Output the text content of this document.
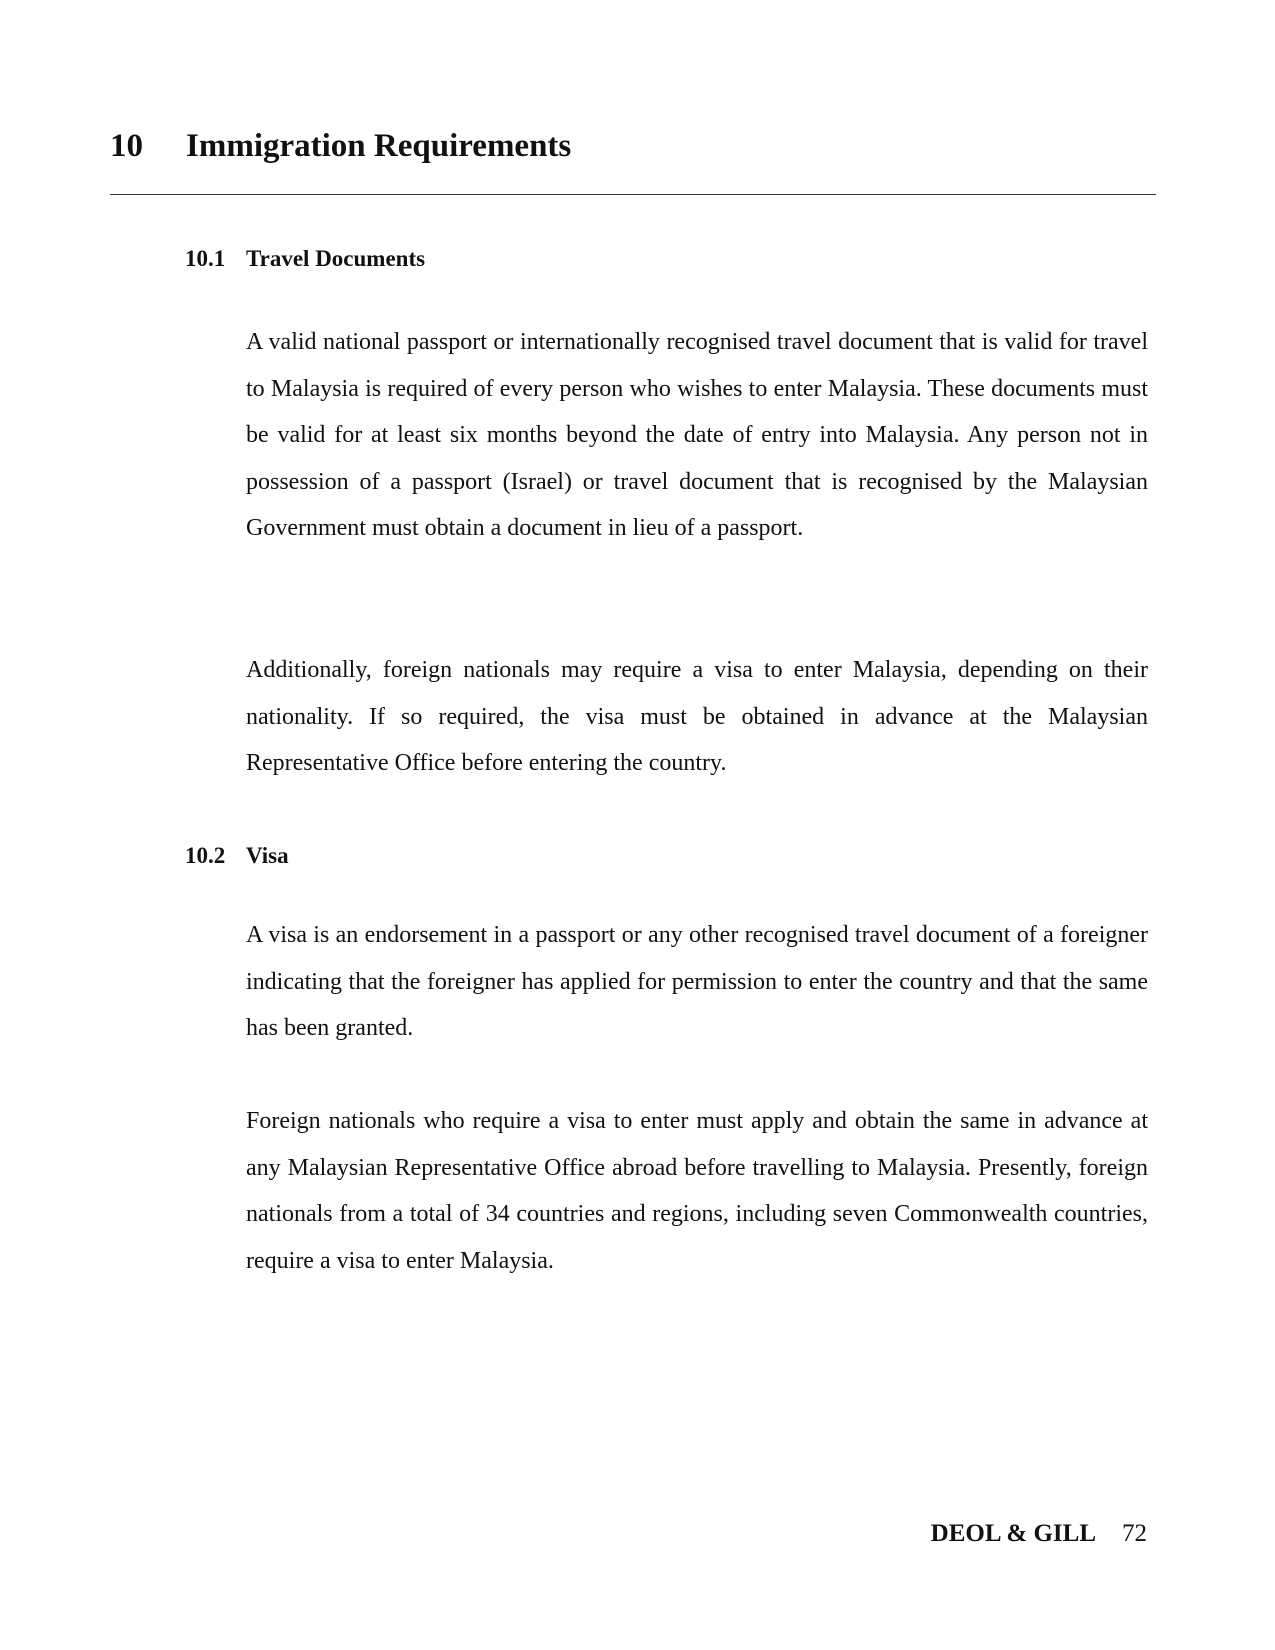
10 Immigration Requirements
10.1 Travel Documents

A valid national passport or internationally recognised travel document that is valid for travel to Malaysia is required of every person who wishes to enter Malaysia. These documents must be valid for at least six months beyond the date of entry into Malaysia. Any person not in possession of a passport (Israel) or travel document that is recognised by the Malaysian Government must obtain a document in lieu of a passport.

Additionally, foreign nationals may require a visa to enter Malaysia, depending on their nationality. If so required, the visa must be obtained in advance at the Malaysian Representative Office before entering the country.

10.2 Visa

A visa is an endorsement in a passport or any other recognised travel document of a foreigner indicating that the foreigner has applied for permission to enter the country and that the same has been granted.

Foreign nationals who require a visa to enter must apply and obtain the same in advance at any Malaysian Representative Office abroad before travelling to Malaysia. Presently, foreign nationals from a total of 34 countries and regions, including seven Commonwealth countries, require a visa to enter Malaysia.

DEOL & GILL 72
